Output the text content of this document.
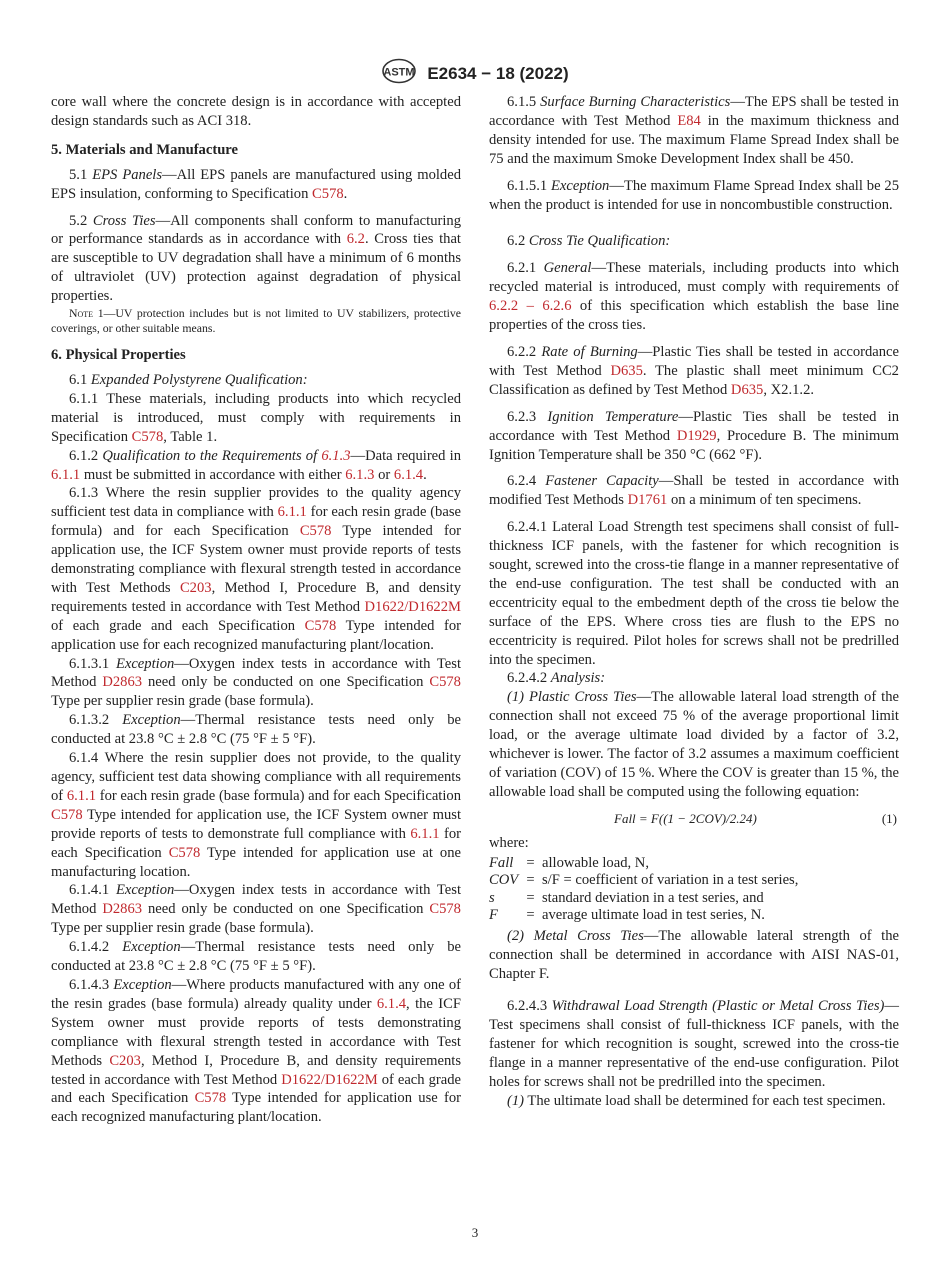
ASTM E2634 − 18 (2022)

core wall where the concrete design is in accordance with accepted design standards such as ACI 318.

5. Materials and Manufacture

5.1 EPS Panels—All EPS panels are manufactured using molded EPS insulation, conforming to Specification C578.

5.2 Cross Ties—All components shall conform to manufacturing or performance standards as in accordance with 6.2. Cross ties that are susceptible to UV degradation shall have a minimum of 6 months of ultraviolet (UV) protection against degradation of physical properties.

Note 1—UV protection includes but is not limited to UV stabilizers, protective coverings, or other suitable means.

6. Physical Properties

6.1 Expanded Polystyrene Qualification:

6.1.1 These materials, including products into which recycled material is introduced, must comply with requirements in Specification C578, Table 1.

6.1.2 Qualification to the Requirements of 6.1.3—Data required in 6.1.1 must be submitted in accordance with either 6.1.3 or 6.1.4.

6.1.3 Where the resin supplier provides to the quality agency sufficient test data in compliance with 6.1.1 for each resin grade (base formula) and for each Specification C578 Type intended for application use, the ICF System owner must provide reports of tests demonstrating compliance with flexural strength tested in accordance with Test Methods C203, Method I, Procedure B, and density requirements tested in accordance with Test Method D1622/D1622M of each grade and each Specification C578 Type intended for application use for each recognized manufacturing plant/location.

6.1.3.1 Exception—Oxygen index tests in accordance with Test Method D2863 need only be conducted on one Specification C578 Type per supplier resin grade (base formula).

6.1.3.2 Exception—Thermal resistance tests need only be conducted at 23.8 °C ± 2.8 °C (75 °F ± 5 °F).

6.1.4 Where the resin supplier does not provide, to the quality agency, sufficient test data showing compliance with all requirements of 6.1.1 for each resin grade (base formula) and for each Specification C578 Type intended for application use, the ICF System owner must provide reports of tests to demonstrate full compliance with 6.1.1 for each Specification C578 Type intended for application use at one manufacturing location.

6.1.4.1 Exception—Oxygen index tests in accordance with Test Method D2863 need only be conducted on one Specification C578 Type per supplier resin grade (base formula).

6.1.4.2 Exception—Thermal resistance tests need only be conducted at 23.8 °C ± 2.8 °C (75 °F ± 5 °F).

6.1.4.3 Exception—Where products manufactured with any one of the resin grades (base formula) already quality under 6.1.4, the ICF System owner must provide reports of tests demonstrating compliance with flexural strength tested in accordance with Test Methods C203, Method I, Procedure B, and density requirements tested in accordance with Test Method D1622/D1622M of each grade and each Specification C578 Type intended for application use for each recognized manufacturing plant/location.

6.1.5 Surface Burning Characteristics—The EPS shall be tested in accordance with Test Method E84 in the maximum thickness and density intended for use. The maximum Flame Spread Index shall be 75 and the maximum Smoke Development Index shall be 450.

6.1.5.1 Exception—The maximum Flame Spread Index shall be 25 when the product is intended for use in noncombustible construction.

6.2 Cross Tie Qualification:

6.2.1 General—These materials, including products into which recycled material is introduced, must comply with requirements of 6.2.2 – 6.2.6 of this specification which establish the base line properties of the cross ties.

6.2.2 Rate of Burning—Plastic Ties shall be tested in accordance with Test Method D635. The plastic shall meet minimum CC2 Classification as defined by Test Method D635, X2.1.2.

6.2.3 Ignition Temperature—Plastic Ties shall be tested in accordance with Test Method D1929, Procedure B. The minimum Ignition Temperature shall be 350 °C (662 °F).

6.2.4 Fastener Capacity—Shall be tested in accordance with modified Test Methods D1761 on a minimum of ten specimens.

6.2.4.1 Lateral Load Strength test specimens shall consist of full-thickness ICF panels, with the fastener for which recognition is sought, screwed into the cross-tie flange in a manner representative of the end-use configuration. The test shall be conducted with an eccentricity equal to the embedment depth of the cross tie below the surface of the EPS. Where cross ties are flush to the EPS no eccentricity is required. Pilot holes for screws shall not be predrilled into the specimen.

6.2.4.2 Analysis:

(1) Plastic Cross Ties—The allowable lateral load strength of the connection shall not exceed 75 % of the average proportional limit load, or the average ultimate load divided by a factor of 3.2, whichever is lower. The factor of 3.2 assumes a maximum coefficient of variation (COV) of 15 %. Where the COV is greater than 15 %, the allowable load shall be computed using the following equation:

Fall = F((1 − 2COV)/2.24)	(1)

where:

Fall = allowable load, N,
COV = s/F = coefficient of variation in a test series,
s	= standard deviation in a test series, and
F	= average ultimate load in test series, N.

(2) Metal Cross Ties—The allowable lateral strength of the connection shall be determined in accordance with AISI NAS-01, Chapter F.

6.2.4.3 Withdrawal Load Strength (Plastic or Metal Cross Ties)—Test specimens shall consist of full-thickness ICF panels, with the fastener for which recognition is sought, screwed into the cross-tie flange in a manner representative of the end-use configuration. Pilot holes for screws shall not be predrilled into the specimen.

(1) The ultimate load shall be determined for each test specimen.

3
